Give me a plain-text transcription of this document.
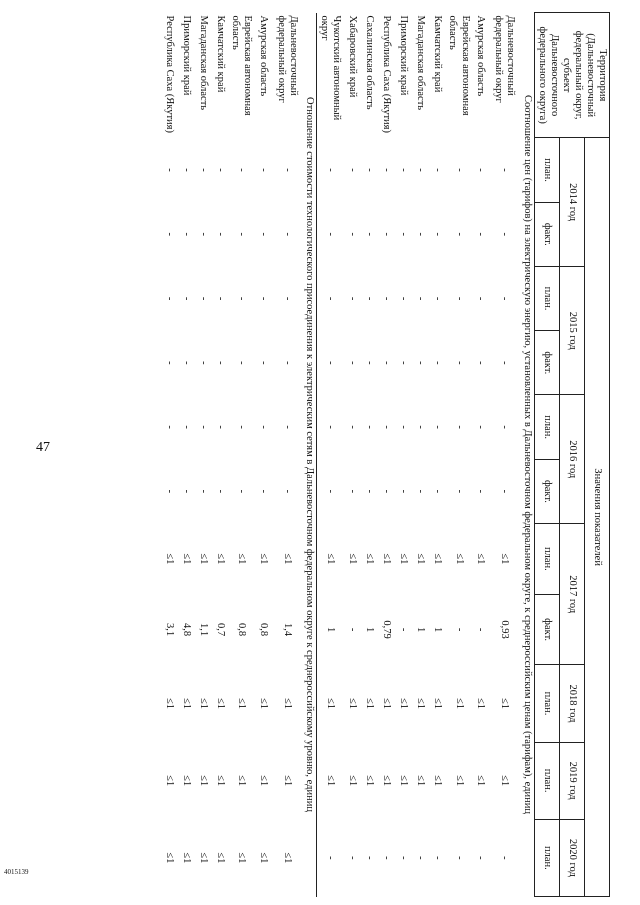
47
4015139
Территория (Дальневосточный федеральный округ, субъект Дальневосточного федерального округа)	Значения показателей										
	2014 год		2015 год		2016 год		2017 год		2018 год	2019 год	2020 год
	план.	факт.	план.	факт.	план.	факт.	план.	факт.	план.	план.	план.
Соотношение цен (тарифов) на электрическую энергию, установленных в Дальневосточном федеральном округе, к среднероссийским ценам (тарифам), единиц											
Дальневосточный федеральный округ	-	-	-	-	-	-	≤1	0,93	≤1	≤1	-
Амурская область	-	-	-	-	-	-	≤1	-	≤1	≤1	-
Еврейская автономная область	-	-	-	-	-	-	≤1	-	≤1	≤1	-
Камчатский край	-	-	-	-	-	-	≤1	1	≤1	≤1	-
Магаданская область	-	-	-	-	-	-	≤1	1	≤1	≤1	-
Приморский край	-	-	-	-	-	-	≤1	-	≤1	≤1	-
Республика Саха (Якутия)	-	-	-	-	-	-	≤1	0,79	≤1	≤1	-
Сахалинская область	-	-	-	-	-	-	≤1	1	≤1	≤1	-
Хабаровский край	-	-	-	-	-	-	≤1	-	≤1	≤1	-
Чукотский автономный округ	-	-	-	-	-	-	≤1	1	≤1	≤1	-
Отношение стоимости технологического присоединения к электрическим сетям в Дальневосточном федеральном округе к среднероссийскому уровню, единиц											
Дальневосточный федеральный округ	-	-	-	-	-	-	≤1	1,4	≤1	≤1	≤1
Амурская область	-	-	-	-	-	-	≤1	0,8	≤1	≤1	≤1
Еврейская автономная область	-	-	-	-	-	-	≤1	0,8	≤1	≤1	≤1
Камчатский край	-	-	-	-	-	-	≤1	0,7	≤1	≤1	≤1
Магаданская область	-	-	-	-	-	-	≤1	1,1	≤1	≤1	≤1
Приморский край	-	-	-	-	-	-	≤1	4,8	≤1	≤1	≤1
Республика Саха (Якутия)	-	-	-	-	-	-	≤1	3,1	≤1	≤1	≤1
